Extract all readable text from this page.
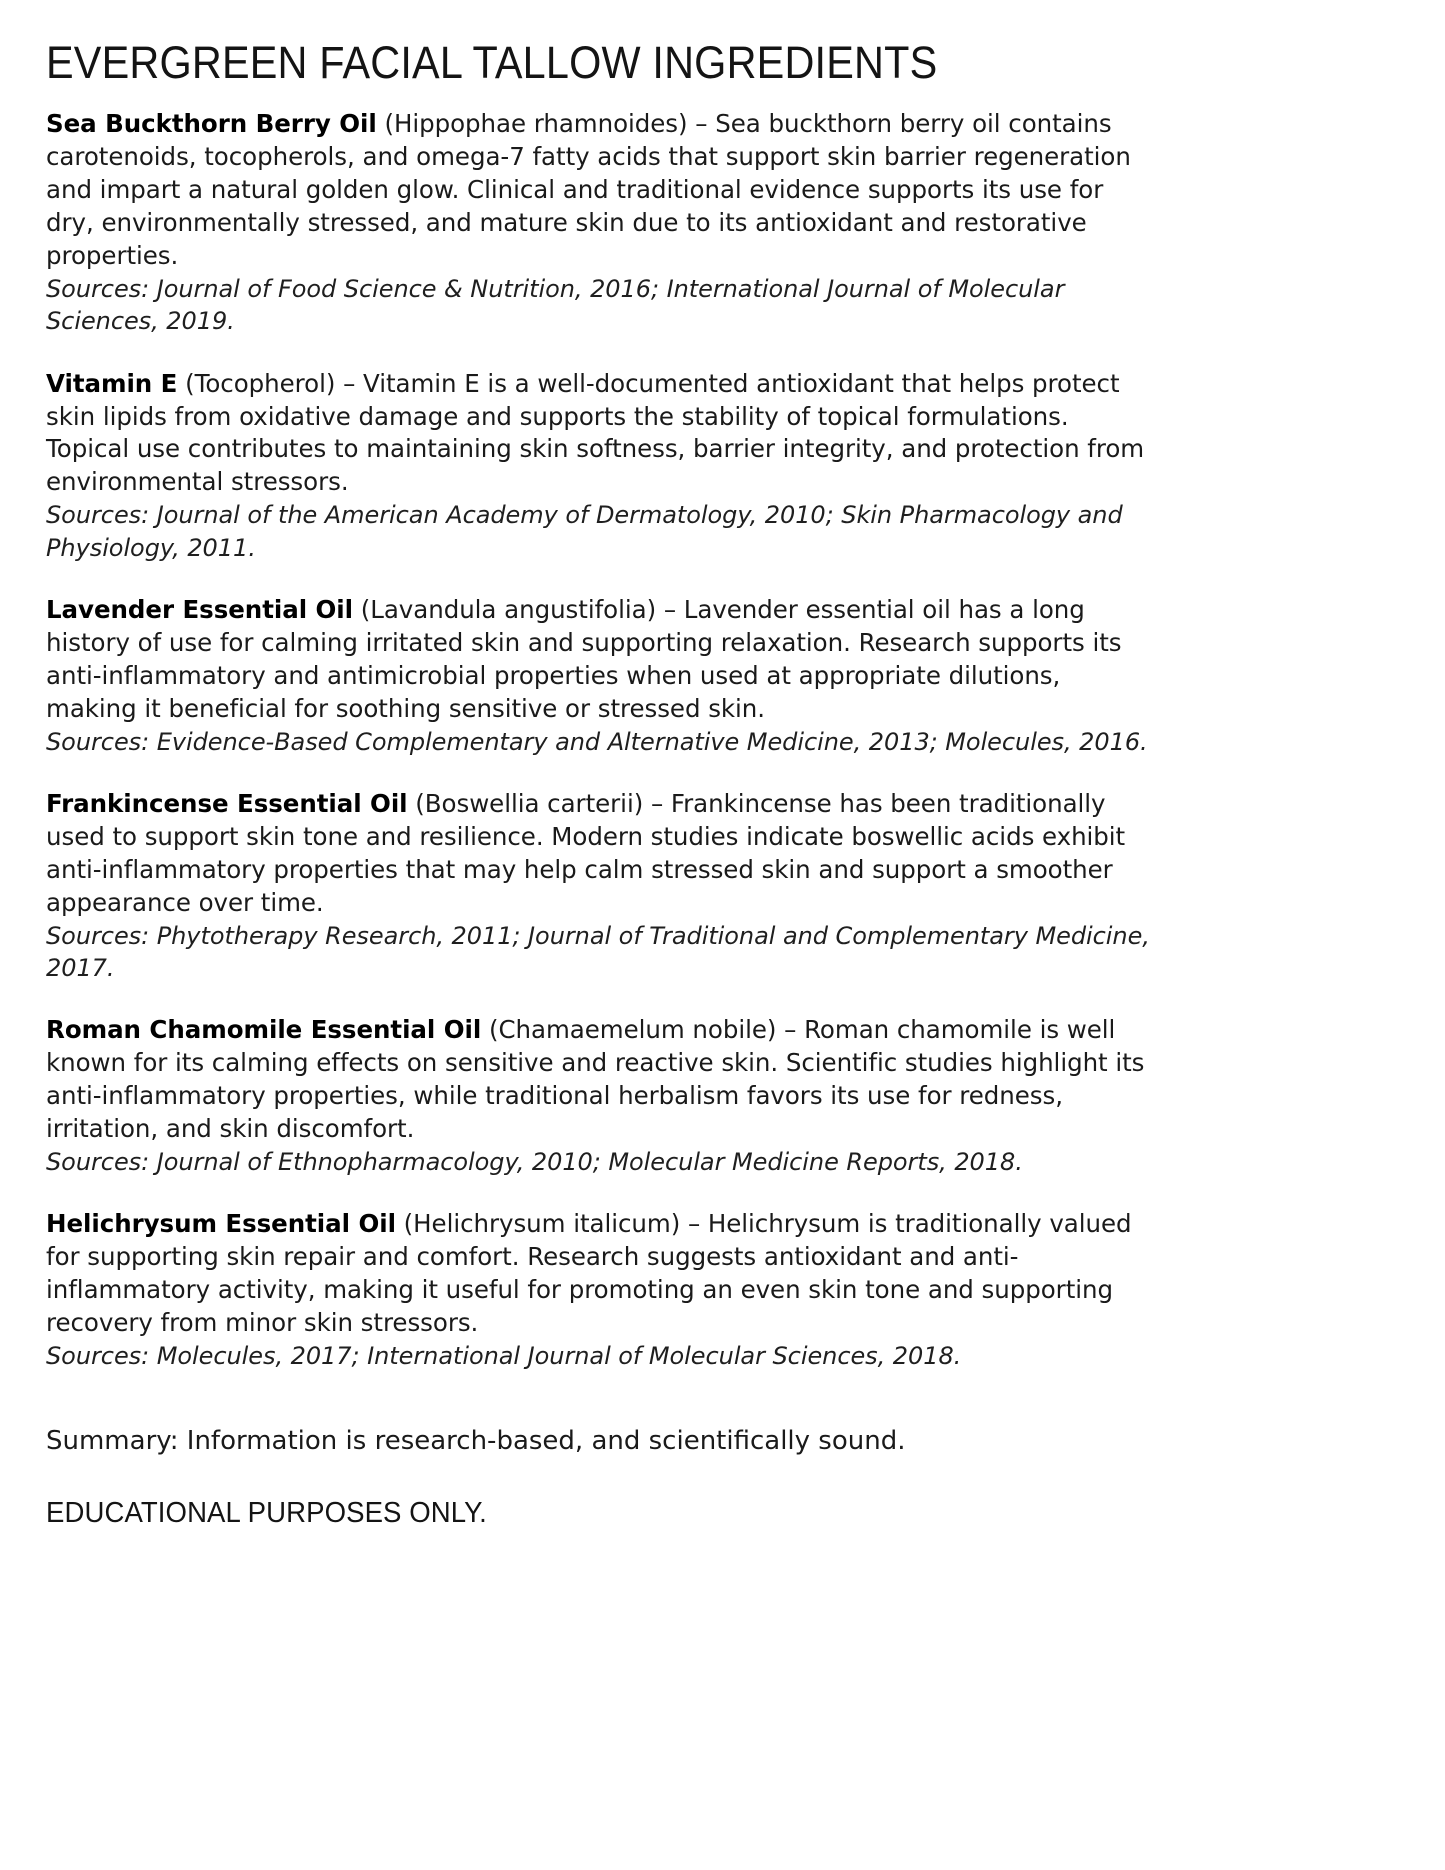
EVERGREEN FACIAL TALLOW INGREDIENTS

Sea Buckthorn Berry Oil (Hippophae rhamnoides) – Sea buckthorn berry oil contains carotenoids, tocopherols, and omega-7 fatty acids that support skin barrier regeneration and impart a natural golden glow. Clinical and traditional evidence supports its use for dry, environmentally stressed, and mature skin due to its antioxidant and restorative properties.

Sources: Journal of Food Science & Nutrition, 2016; International Journal of Molecular Sciences, 2019.

Vitamin E (Tocopherol) – Vitamin E is a well-documented antioxidant that helps protect skin lipids from oxidative damage and supports the stability of topical formulations. Topical use contributes to maintaining skin softness, barrier integrity, and protection from environmental stressors.

Sources: Journal of the American Academy of Dermatology, 2010; Skin Pharmacology and Physiology, 2011.

Lavender Essential Oil (Lavandula angustifolia) – Lavender essential oil has a long history of use for calming irritated skin and supporting relaxation. Research supports its anti-inflammatory and antimicrobial properties when used at appropriate dilutions, making it beneficial for soothing sensitive or stressed skin.

Sources: Evidence-Based Complementary and Alternative Medicine, 2013; Molecules, 2016.

Frankincense Essential Oil (Boswellia carterii) – Frankincense has been traditionally used to support skin tone and resilience. Modern studies indicate boswellic acids exhibit anti-inflammatory properties that may help calm stressed skin and support a smoother appearance over time.

Sources: Phytotherapy Research, 2011; Journal of Traditional and Complementary Medicine, 2017.

Roman Chamomile Essential Oil (Chamaemelum nobile) – Roman chamomile is well known for its calming effects on sensitive and reactive skin. Scientific studies highlight its anti-inflammatory properties, while traditional herbalism favors its use for redness, irritation, and skin discomfort.

Sources: Journal of Ethnopharmacology, 2010; Molecular Medicine Reports, 2018.

Helichrysum Essential Oil (Helichrysum italicum) – Helichrysum is traditionally valued for supporting skin repair and comfort. Research suggests antioxidant and anti-inflammatory activity, making it useful for promoting an even skin tone and supporting recovery from minor skin stressors.

Sources: Molecules, 2017; International Journal of Molecular Sciences, 2018.

Summary: Information is research-based, and scientifically sound.

EDUCATIONAL PURPOSES ONLY.
